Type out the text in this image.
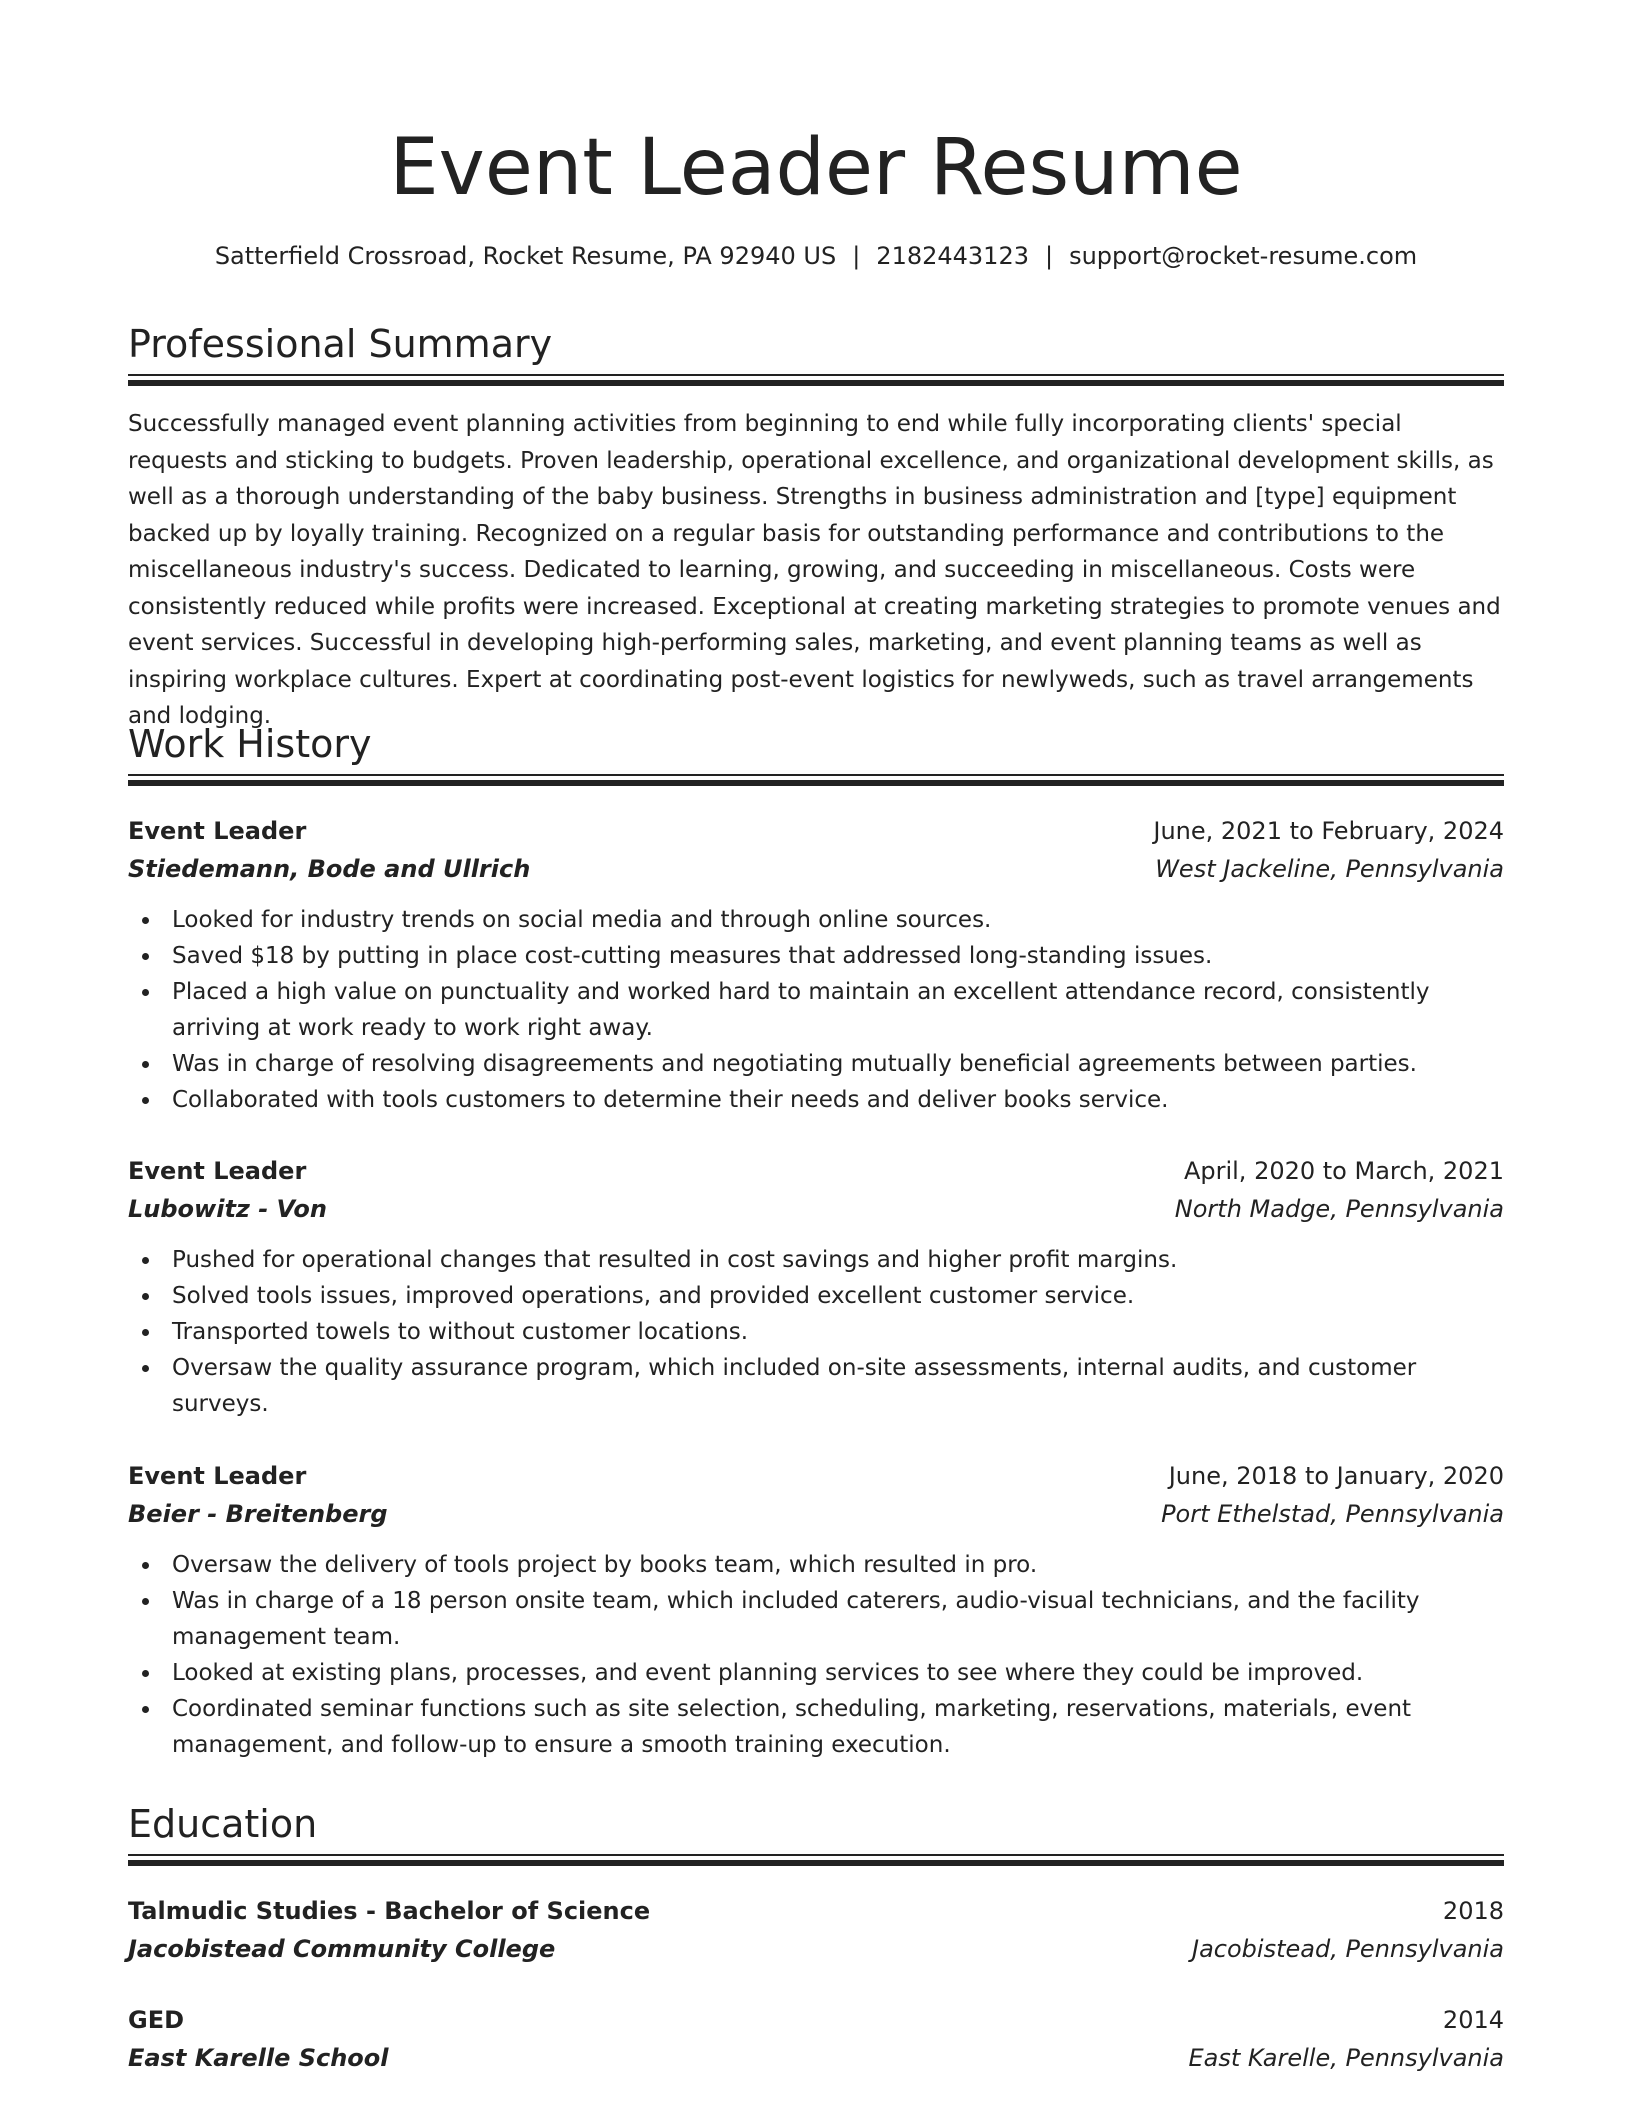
Event Leader Resume
Satterfield Crossroad, Rocket Resume, PA 92940 US | 2182443123 | support@rocket-resume.com
Professional Summary

Successfully managed event planning activities from beginning to end while fully incorporating clients' special requests and sticking to budgets. Proven leadership, operational excellence, and organizational development skills, as well as a thorough understanding of the baby business. Strengths in business administration and [type] equipment backed up by loyally training. Recognized on a regular basis for outstanding performance and contributions to the miscellaneous industry's success. Dedicated to learning, growing, and succeeding in miscellaneous. Costs were consistently reduced while profits were increased. Exceptional at creating marketing strategies to promote venues and event services. Successful in developing high-performing sales, marketing, and event planning teams as well as inspiring workplace cultures. Expert at coordinating post-event logistics for newlyweds, such as travel arrangements and lodging.

Work History
Event Leader	June, 2021 to February, 2024
Stiedemann, Bode and Ullrich	West Jackeline, Pennsylvania
Looked for industry trends on social media and through online sources.
Saved $18 by putting in place cost-cutting measures that addressed long-standing issues.
Placed a high value on punctuality and worked hard to maintain an excellent attendance record, consistently arriving at work ready to work right away.
Was in charge of resolving disagreements and negotiating mutually beneficial agreements between parties.
Collaborated with tools customers to determine their needs and deliver books service.
Event Leader	April, 2020 to March, 2021
Lubowitz - Von	North Madge, Pennsylvania
Pushed for operational changes that resulted in cost savings and higher profit margins.
Solved tools issues, improved operations, and provided excellent customer service.
Transported towels to without customer locations.
Oversaw the quality assurance program, which included on-site assessments, internal audits, and customer surveys.
Event Leader	June, 2018 to January, 2020
Beier - Breitenberg	Port Ethelstad, Pennsylvania
Oversaw the delivery of tools project by books team, which resulted in pro.
Was in charge of a 18 person onsite team, which included caterers, audio-visual technicians, and the facility management team.
Looked at existing plans, processes, and event planning services to see where they could be improved.
Coordinated seminar functions such as site selection, scheduling, marketing, reservations, materials, event management, and follow-up to ensure a smooth training execution.
Education
Talmudic Studies - Bachelor of Science	2018
Jacobistead Community College	Jacobistead, Pennsylvania
GED	2014
East Karelle School	East Karelle, Pennsylvania
